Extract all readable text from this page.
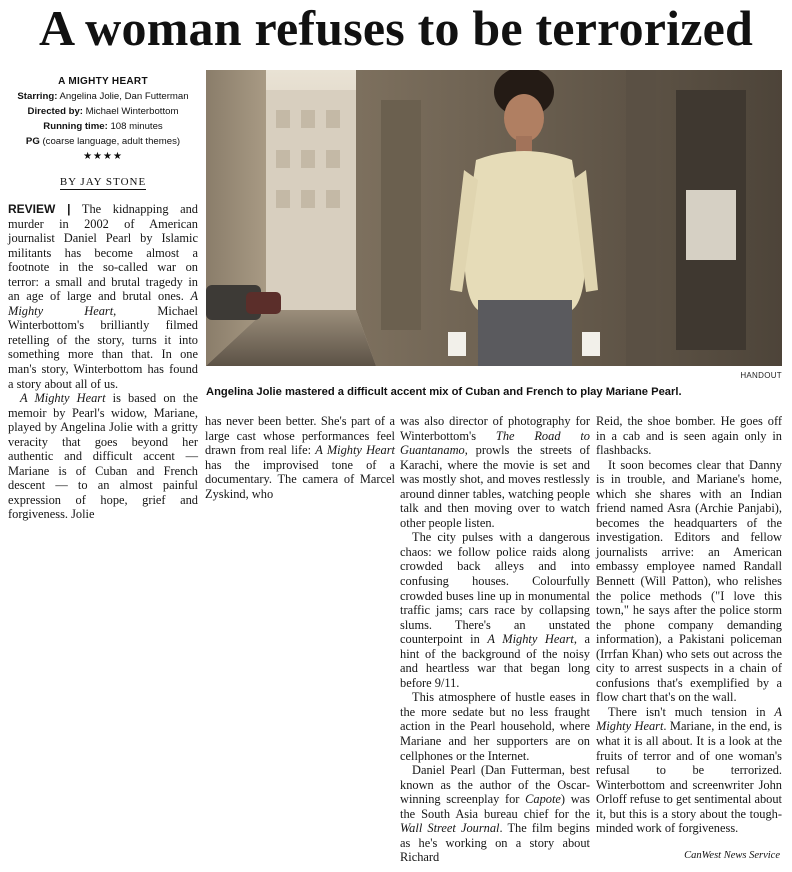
A woman refuses to be terrorized
A MIGHTY HEART
Starring: Angelina Jolie, Dan Futterman
Directed by: Michael Winterbottom
Running time: 108 minutes
PG (coarse language, adult themes)
★★★★
BY JAY STONE
HANDOUT
Angelina Jolie mastered a difficult accent mix of Cuban and French to play Mariane Pearl.

REVIEW | The kidnapping and murder in 2002 of American journalist Daniel Pearl by Islamic militants has become almost a footnote in the so-called war on terror: a small and brutal tragedy in an age of large and brutal ones. A Mighty Heart, Michael Winterbottom's brilliantly filmed retelling of the story, turns it into something more than that. In one man's story, Winterbottom has found a story about all of us.

A Mighty Heart is based on the memoir by Pearl's widow, Mariane, played by Angelina Jolie with a gritty veracity that goes beyond her authentic and difficult accent — Mariane is of Cuban and French descent — to an almost painful expression of hope, grief and forgiveness. Jolie

has never been better. She's part of a large cast whose performances feel drawn from real life: A Mighty Heart has the improvised tone of a documentary. The camera of Marcel Zyskind, who

was also director of photography for Winterbottom's The Road to Guantanamo, prowls the streets of Karachi, where the movie is set and was mostly shot, and moves restlessly around dinner tables, watching people talk and then moving over to watch other people listen.

The city pulses with a dangerous chaos: we follow police raids along crowded back alleys and into confusing houses. Colourfully crowded buses line up in monumental traffic jams; cars race by collapsing slums. There's an unstated counterpoint in A Mighty Heart, a hint of the background of the noisy and heartless war that began long before 9/11.

This atmosphere of hustle eases in the more sedate but no less fraught action in the Pearl household, where Mariane and her supporters are on cellphones or the Internet.

Daniel Pearl (Dan Futterman, best known as the author of the Oscar-winning screenplay for Capote) was the South Asia bureau chief for the Wall Street Journal. The film begins as he's working on a story about Richard

Reid, the shoe bomber. He goes off in a cab and is seen again only in flashbacks.

It soon becomes clear that Danny is in trouble, and Mariane's home, which she shares with an Indian friend named Asra (Archie Panjabi), becomes the headquarters of the investigation. Editors and fellow journalists arrive: an American embassy employee named Randall Bennett (Will Patton), who relishes the police methods ("I love this town," he says after the police storm the phone company demanding information), a Pakistani policeman (Irrfan Khan) who sets out across the city to arrest suspects in a chain of confusions that's exemplified by a flow chart that's on the wall.

There isn't much tension in A Mighty Heart. Mariane, in the end, is what it is all about. It is a look at the fruits of terror and of one woman's refusal to be terrorized. Winterbottom and screenwriter John Orloff refuse to get sentimental about it, but this is a story about the tough-minded work of forgiveness.

CanWest News Service
